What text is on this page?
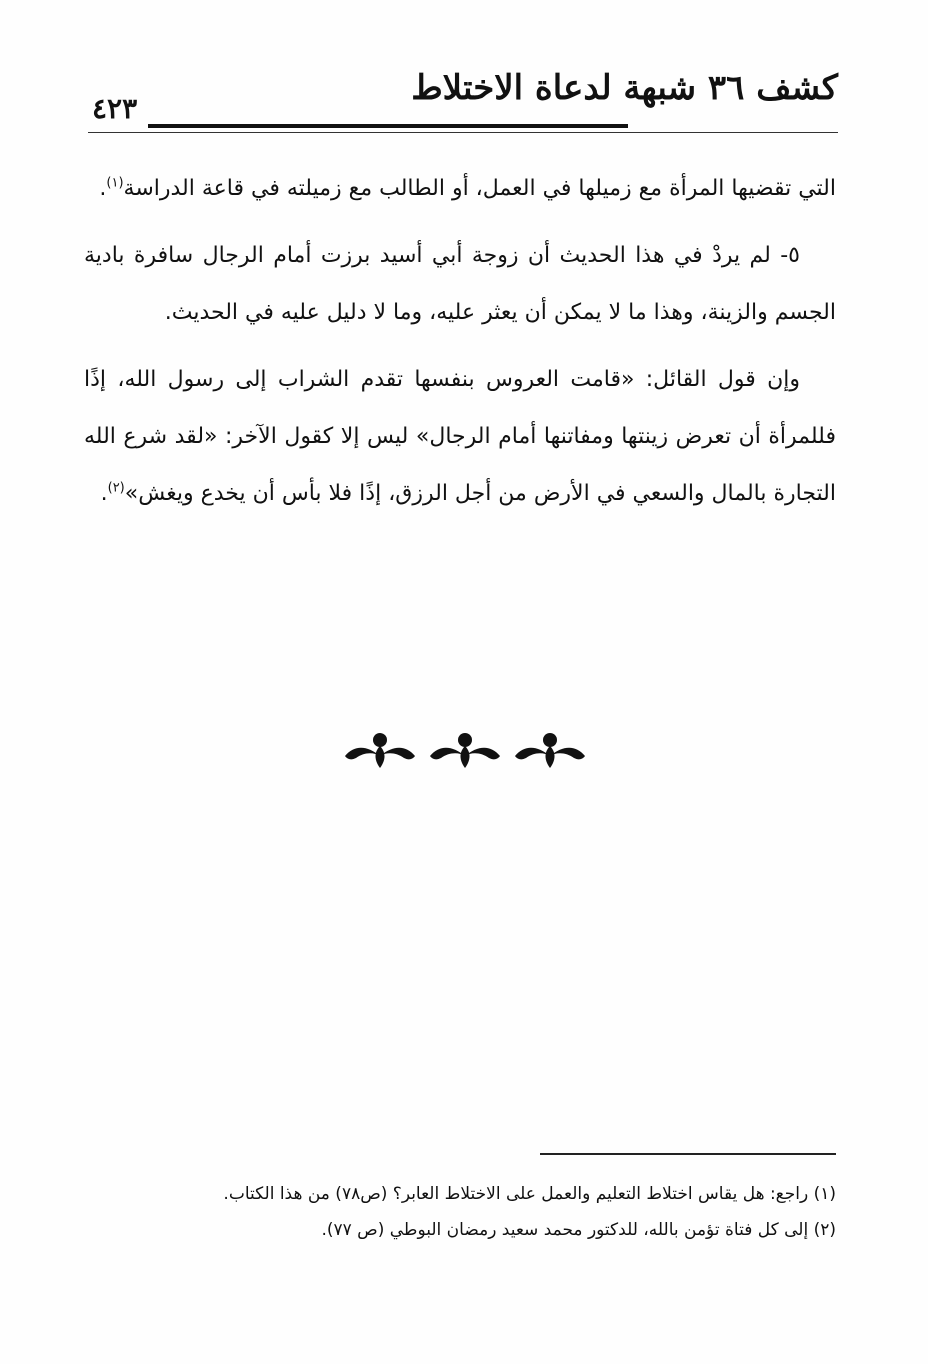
كشف ٣٦ شبهة لدعاة الاختلاط
٤٢٣

التي تقضيها المرأة مع زميلها في العمل، أو الطالب مع زميلته في قاعة الدراسة$^{(١)}$.

٥- لم يردْ في هذا الحديث أن زوجة أبي أسيد برزت أمام الرجال سافرة بادية الجسم والزينة، وهذا ما لا يمكن أن يعثر عليه، وما لا دليل عليه في الحديث.

وإن قول القائل: «قامت العروس بنفسها تقدم الشراب إلى رسول الله، إذًا فللمرأة أن تعرض زينتها ومفاتنها أمام الرجال» ليس إلا كقول الآخر: «لقد شرع الله التجارة بالمال والسعي في الأرض من أجل الرزق، إذًا فلا بأس أن يخدع ويغش»$^{(٢)}$.

(١) راجع: هل يقاس اختلاط التعليم والعمل على الاختلاط العابر؟ (ص٧٨) من هذا الكتاب.

(٢) إلى كل فتاة تؤمن بالله، للدكتور محمد سعيد رمضان البوطي (ص ٧٧).
